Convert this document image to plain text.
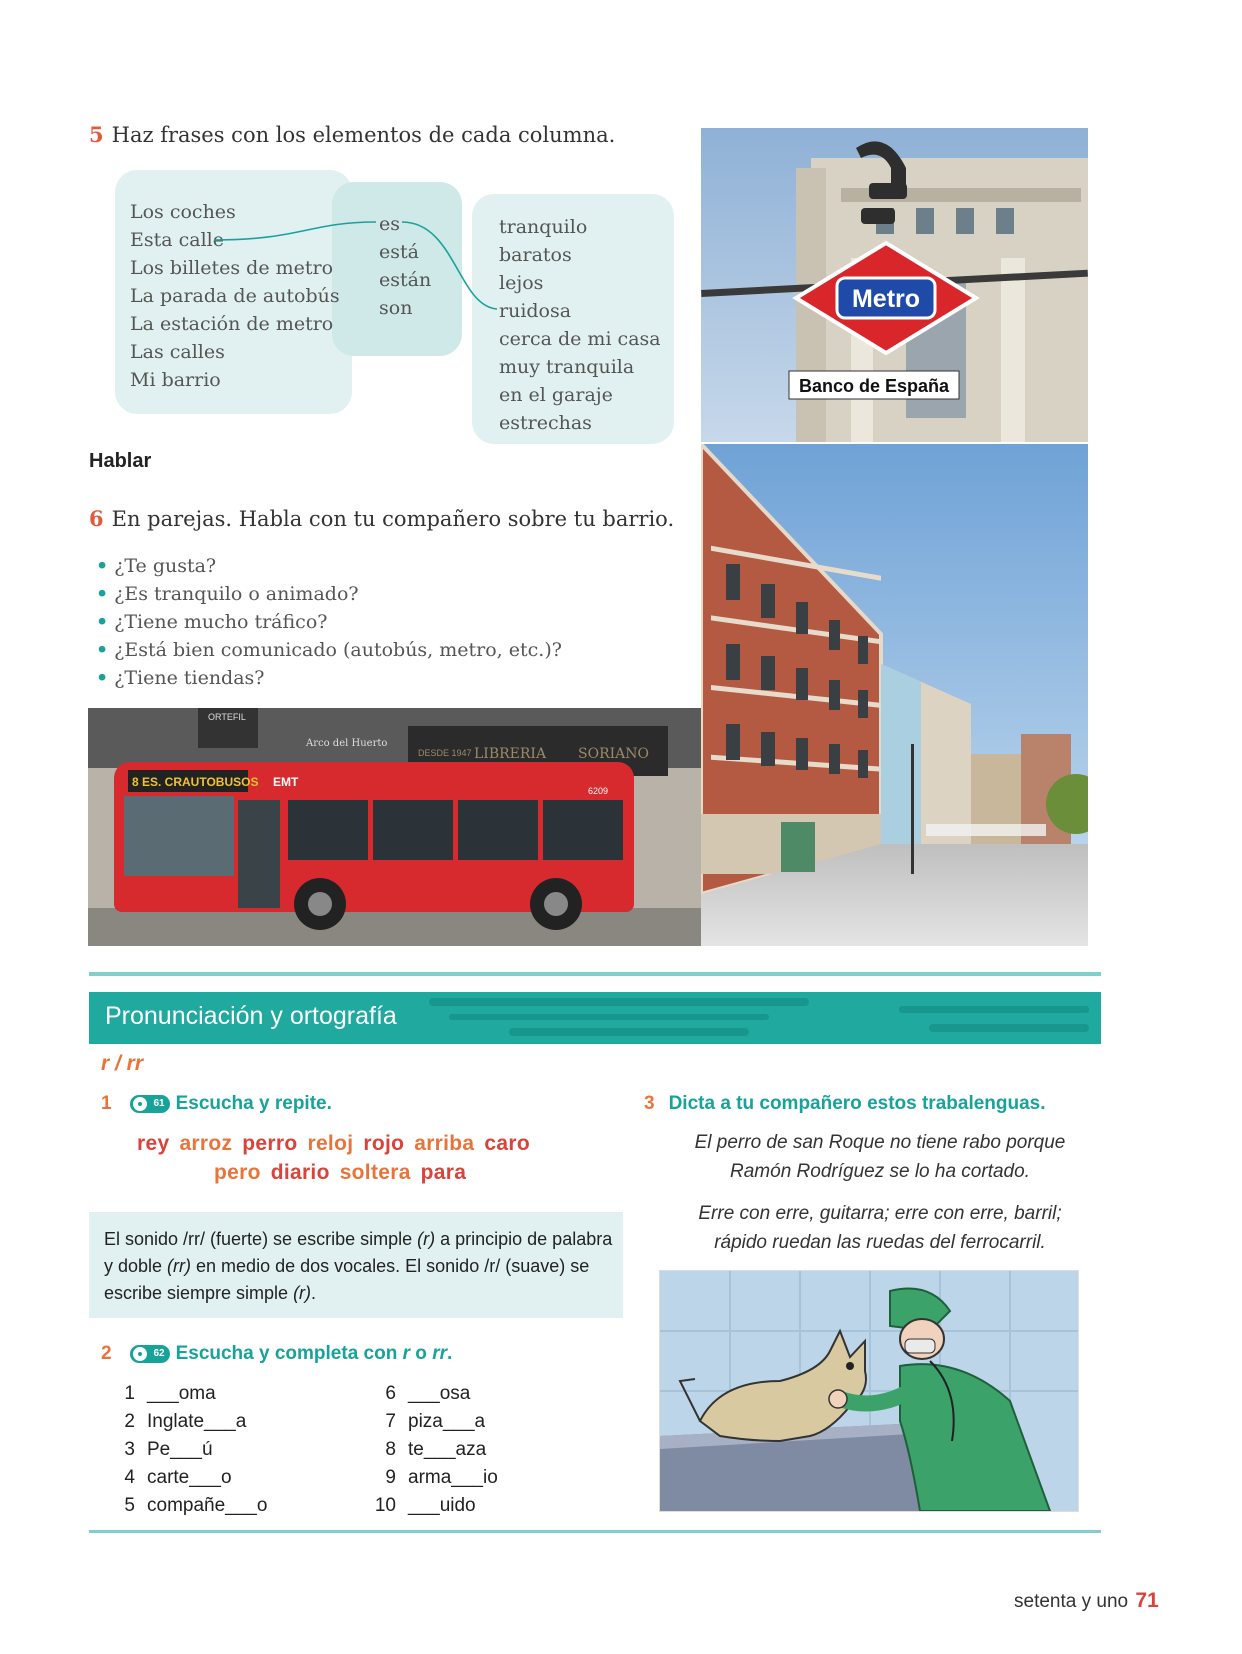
5 Haz frases con los elementos de cada columna.
Los coches
Esta calle
Los billetes de metro
La parada de autobús
La estación de metro
Las calles
Mi barrio
es
está
están
son
tranquilo
baratos
lejos
ruidosa
cerca de mi casa
muy tranquila
en el garaje
estrechas
Hablar
6 En parejas. Habla con tu compañero sobre tu barrio.
• ¿Te gusta?
• ¿Es tranquilo o animado?
• ¿Tiene mucho tráfico?
• ¿Está bien comunicado (autobús, metro, etc.)?
• ¿Tiene tiendas?
Metro
Banco de España
ORTEFIL
Arco del Huerto
DESDE 1947 LIBRERIA SORIANO
8 ES. CRAUTOBUSOS EMT
6209
Pronunciación y ortografía
r / rr
1	61 Escucha y repite.
rey arroz perro reloj rojo arriba caro
pero diario soltera para
El sonido /rr/ (fuerte) se escribe simple (r) a principio de palabra y doble (rr) en medio de dos vocales. El sonido /r/ (suave) se escribe siempre simple (r).
2	62 Escucha y completa con r o rr.
1 ___oma
2 Inglate___a
3 Pe___ú
4 carte___o
5 compañe___o
6 ___osa
7 piza___a
8 te___aza
9 arma___io
10 ___uido
3 Dicta a tu compañero estos trabalenguas.
El perro de san Roque no tiene rabo porque
Ramón Rodríguez se lo ha cortado.
Erre con erre, guitarra; erre con erre, barril;
rápido ruedan las ruedas del ferrocarril.
setenta y uno 71
